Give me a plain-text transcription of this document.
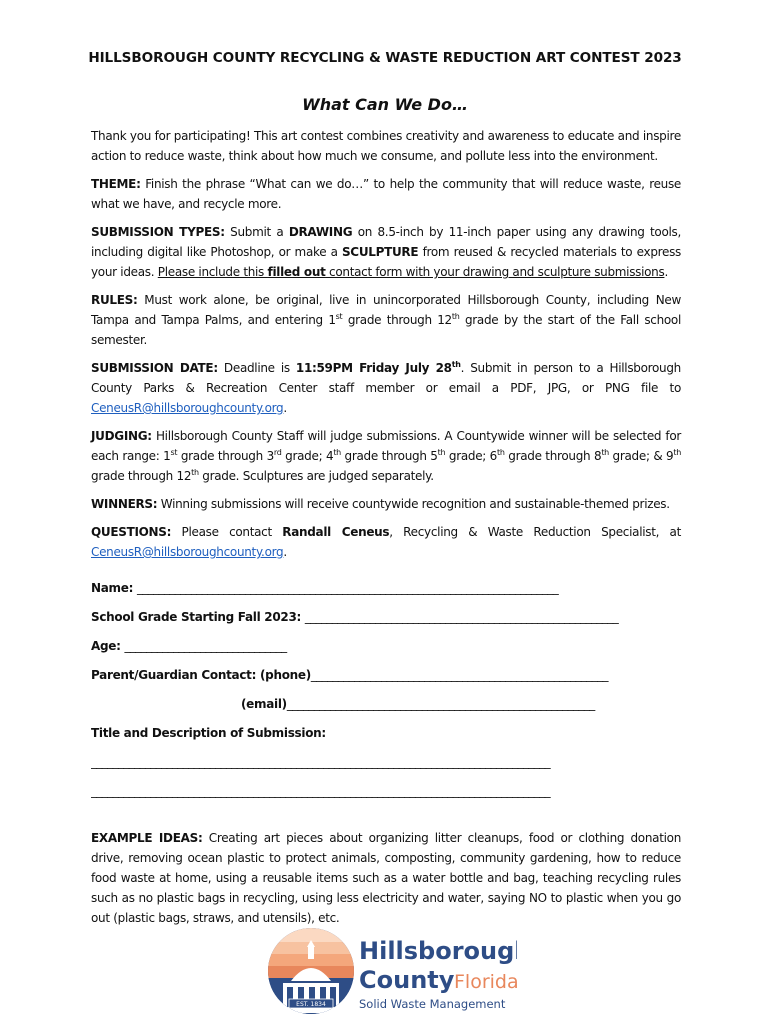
HILLSBOROUGH COUNTY RECYCLING & WASTE REDUCTION ART CONTEST 2023
What Can We Do…

Thank you for participating! This art contest combines creativity and awareness to educate and inspire action to reduce waste, think about how much we consume, and pollute less into the environment.

THEME: Finish the phrase “What can we do…” to help the community that will reduce waste, reuse what we have, and recycle more.

SUBMISSION TYPES: Submit a DRAWING on 8.5-inch by 11-inch paper using any drawing tools, including digital like Photoshop, or make a SCULPTURE from reused & recycled materials to express your ideas. Please include this filled out contact form with your drawing and sculpture submissions.

RULES: Must work alone, be original, live in unincorporated Hillsborough County, including New Tampa and Tampa Palms, and entering 1st grade through 12th grade by the start of the Fall school semester.

SUBMISSION DATE: Deadline is 11:59PM Friday July 28th. Submit in person to a Hillsborough County Parks & Recreation Center staff member or email a PDF, JPG, or PNG file to CeneusR@hillsboroughcounty.org.

JUDGING: Hillsborough County Staff will judge submissions. A Countywide winner will be selected for each range: 1st grade through 3rd grade; 4th grade through 5th grade; 6th grade through 8th grade; & 9th grade through 12th grade. Sculptures are judged separately.

WINNERS: Winning submissions will receive countywide recognition and sustainable-themed prizes.

QUESTIONS: Please contact Randall Ceneus, Recycling & Waste Reduction Specialist, at CeneusR@hillsboroughcounty.org.

Name: ______________________________________________________________________________
School Grade Starting Fall 2023: __________________________________________________________
Age: ______________________________
Parent/Guardian Contact: (phone)_______________________________________________________
(email)_________________________________________________________
Title and Description of Submission:
_____________________________________________________________________________________
_____________________________________________________________________________________

EXAMPLE IDEAS: Creating art pieces about organizing litter cleanups, food or clothing donation drive, removing ocean plastic to protect animals, composting, community gardening, how to reduce food waste at home, using a reusable items such as a water bottle and bag, teaching recycling rules such as no plastic bags in recycling, using less electricity and water, saying NO to plastic when you go out (plastic bags, straws, and utensils), etc.

EST. 1834
Hillsborough
County Florida
Solid Waste Management
